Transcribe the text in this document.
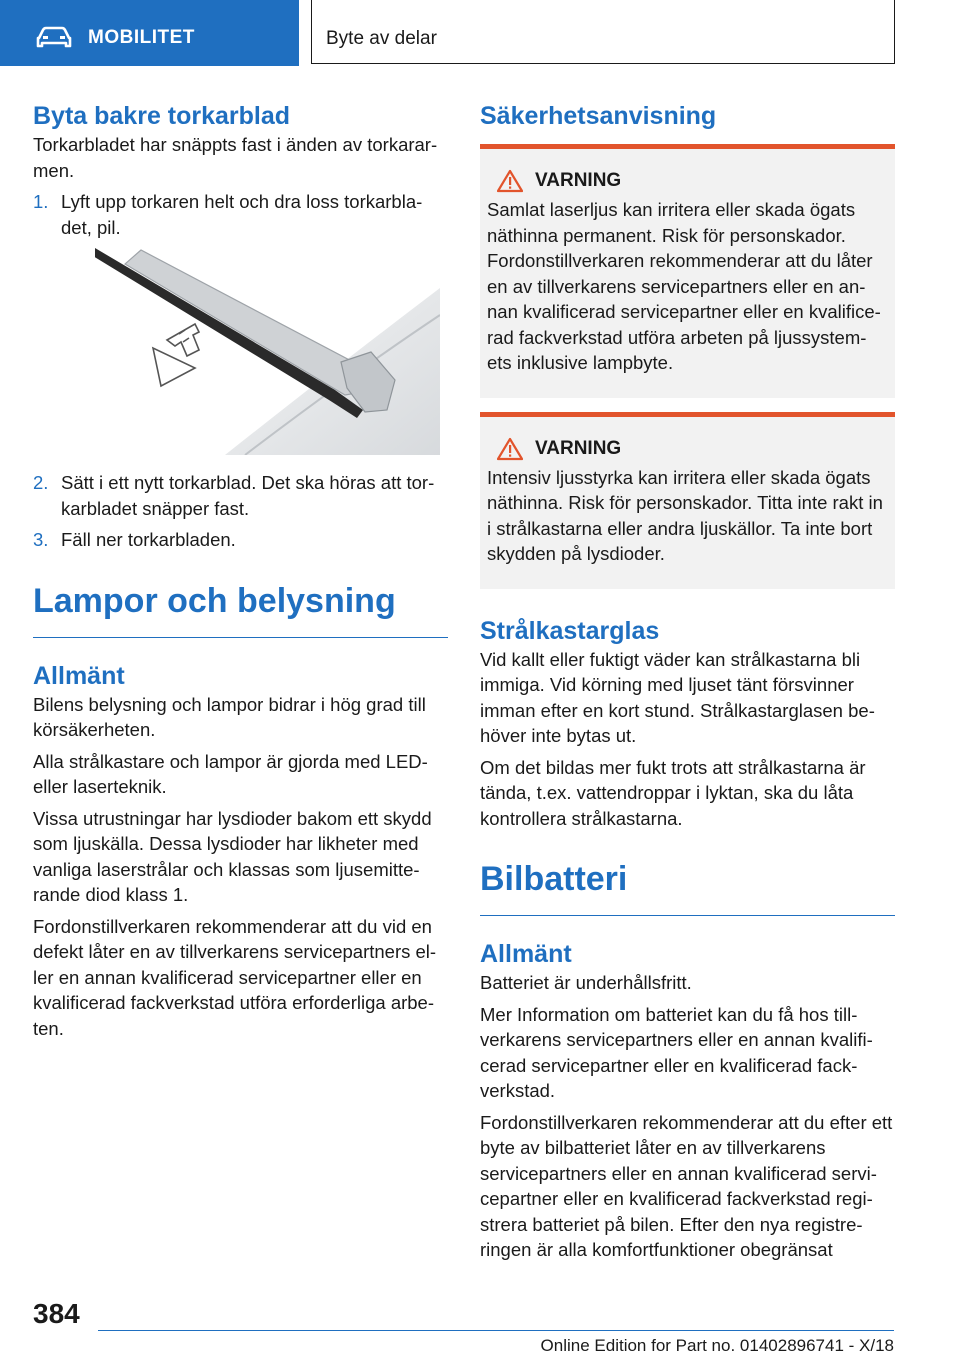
MOBILITET	Byte av delar
Byta bakre torkarblad

Torkarbladet har snäppts fast i änden av torkarar-men.

1. Lyft upp torkaren helt och dra loss torkarbla-det, pil.
2. Sätt i ett nytt torkarblad. Det ska höras att tor-karbladet snäpper fast.
3. Fäll ner torkarbladen.
Lampor och belysning
Allmänt

Bilens belysning och lampor bidrar i hög grad till körsäkerheten.

Alla strålkastare och lampor är gjorda med LED- eller laserteknik.

Vissa utrustningar har lysdioder bakom ett skydd som ljuskälla. Dessa lysdioder har likheter med vanliga laserstrålar och klassas som ljusemitte-rande diod klass 1.

Fordonstillverkaren rekommenderar att du vid en defekt låter en av tillverkarens servicepartners el-ler en annan kvalificerad servicepartner eller en kvalificerad fackverkstad utföra erforderliga arbe-ten.

Säkerhetsanvisning
VARNING

Samlat laserljus kan irritera eller skada ögats näthinna permanent. Risk för personskador. Fordonstillverkaren rekommenderar att du låter en av tillverkarens servicepartners eller en an-nan kvalificerad servicepartner eller en kvalifice-rad fackverkstad utföra arbeten på ljussystem-ets inklusive lampbyte.

VARNING

Intensiv ljusstyrka kan irritera eller skada ögats näthinna. Risk för personskador. Titta inte rakt in i strålkastarna eller andra ljuskällor. Ta inte bort skydden på lysdioder.

Strålkastarglas

Vid kallt eller fuktigt väder kan strålkastarna bli immiga. Vid körning med ljuset tänt försvinner imman efter en kort stund. Strålkastarglasen be-höver inte bytas ut.

Om det bildas mer fukt trots att strålkastarna är tända, t.ex. vattendroppar i lyktan, ska du låta kontrollera strålkastarna.

Bilbatteri
Allmänt

Batteriet är underhållsfritt.

Mer Information om batteriet kan du få hos till-verkarens servicepartners eller en annan kvalifi-cerad servicepartner eller en kvalificerad fack-verkstad.

Fordonstillverkaren rekommenderar att du efter ett byte av bilbatteriet låter en av tillverkarens servicepartners eller en annan kvalificerad servi-cepartner eller en kvalificerad fackverkstad regi-strera batteriet på bilen. Efter den nya registre-ringen är alla komfortfunktioner obegränsat

384
Online Edition for Part no. 01402896741 - X/18
